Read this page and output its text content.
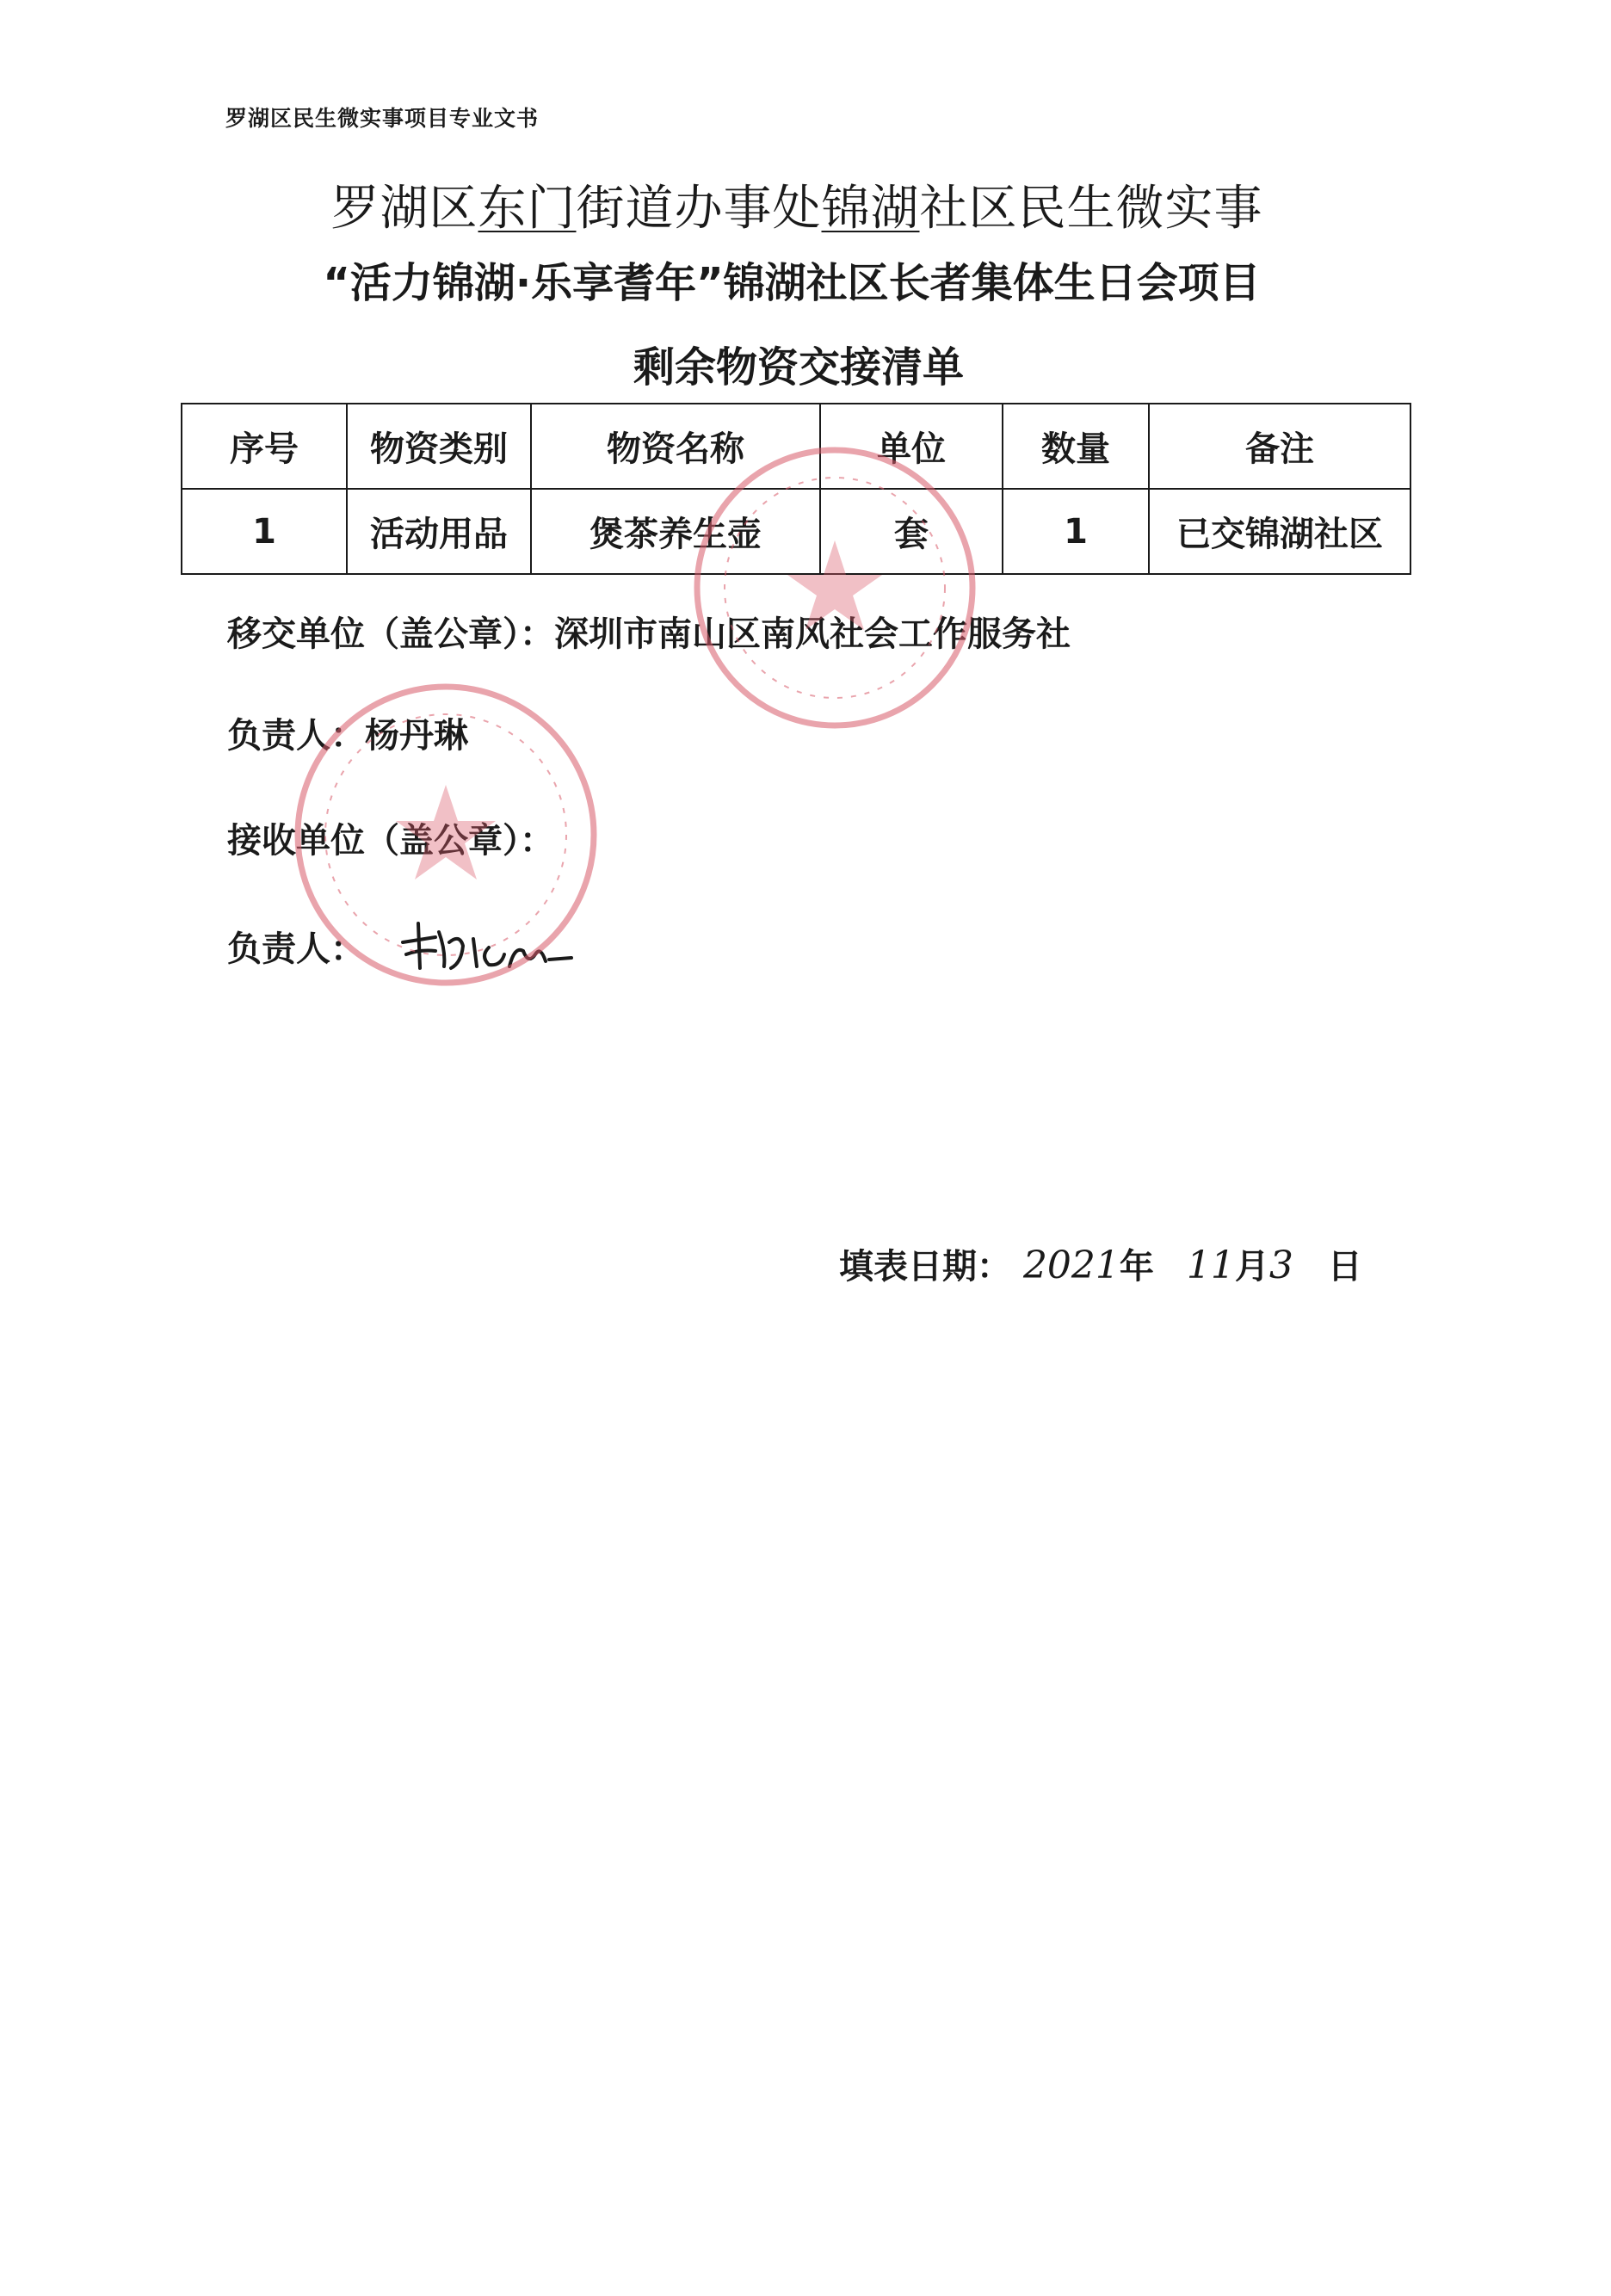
罗湖区民生微实事项目专业文书
罗湖区东门街道办事处锦湖社区民生微实事
“活力锦湖·乐享耆年”锦湖社区长者集体生日会项目
剩余物资交接清单
序号	物资类别	物资名称	单位	数量	备注
1	活动用品	煲茶养生壶	套	1	已交锦湖社区
移交单位（盖公章）：深圳市南山区南风社会工作服务社
负责人：杨丹琳
接收单位（盖公章）：
负责人：
填表日期： 2021年 11月3 日
